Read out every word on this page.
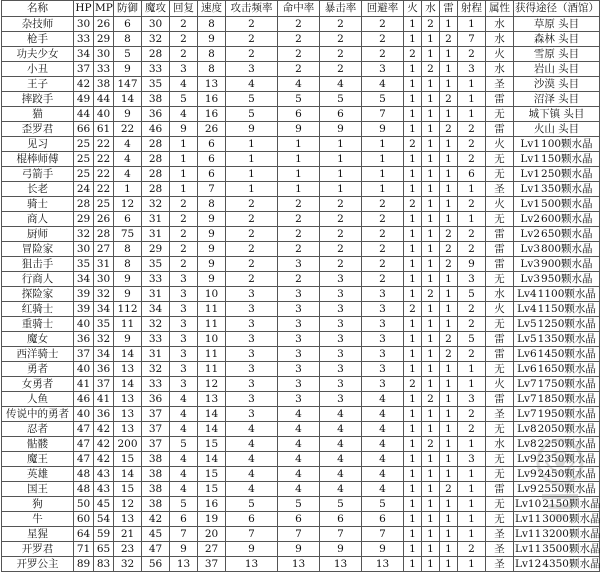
名称	HP	MP	防御	魔攻	回复	速度	攻击频率	命中率	暴击率	回避率	火	水	雷	射程	属性	获得途径（酒馆）
杂技师	30	26	6	30	2	8	2	2	2	2	1	2	1	1	水	草原 头目
枪手	33	29	8	32	2	9	2	2	2	2	1	1	2	7	水	森林 头目
功夫少女	34	30	5	28	2	8	2	2	2	2	2	1	1	2	火	雪原 头目
小丑	37	33	9	33	3	8	3	2	2	3	1	2	1	3	水	岩山 头目
王子	42	38	147	35	4	13	4	4	4	4	1	1	1	1	圣	沙漠 头目
摔跤手	49	44	14	38	5	16	5	5	5	5	1	1	2	1	雷	沼泽 头目
猫	44	40	9	36	4	16	5	6	6	7	1	1	1	1	无	城下镇 头目
歪罗君	66	61	22	46	9	26	9	9	9	9	1	1	2	2	雷	火山 头目
见习	25	22	4	28	1	6	1	1	1	1	2	1	1	2	火	Lv1100颗水晶
棍棒师傅	25	22	4	28	1	6	1	1	1	1	1	1	1	2	无	Lv1150颗水晶
弓箭手	25	22	4	28	1	6	1	1	1	1	1	1	1	6	无	Lv1250颗水晶
长老	24	22	1	28	1	7	1	1	1	1	1	1	1	1	圣	Lv1350颗水晶
骑士	28	25	12	32	2	8	2	2	2	2	2	1	1	2	火	Lv1500颗水晶
商人	29	26	6	31	2	9	2	2	2	2	1	1	1	1	无	Lv2600颗水晶
厨师	32	28	75	31	2	9	2	2	2	2	1	1	2	2	雷	Lv2650颗水晶
冒险家	30	27	8	29	2	9	2	2	2	2	1	1	2	2	雷	Lv3800颗水晶
狙击手	35	31	8	35	2	9	2	3	2	2	1	1	2	9	雷	Lv3900颗水晶
行商人	34	30	9	33	3	9	2	2	3	2	1	1	1	3	无	Lv3950颗水晶
探险家	39	32	9	31	3	10	3	3	3	3	1	2	1	5	水	Lv41100颗水晶
红骑士	39	34	112	34	3	11	3	3	3	3	2	1	1	2	火	Lv41150颗水晶
重骑士	40	35	11	32	3	11	3	3	3	3	1	1	1	2	无	Lv51250颗水晶
魔女	36	32	9	33	3	10	3	3	3	3	1	1	2	5	雷	Lv51350颗水晶
西洋骑士	37	34	14	31	3	11	3	3	3	3	1	1	2	2	雷	Lv61450颗水晶
勇者	40	36	13	32	3	11	3	3	3	3	1	1	1	1	无	Lv61650颗水晶
女勇者	41	37	14	33	3	12	3	3	3	3	2	1	1	1	火	Lv71750颗水晶
人鱼	46	41	13	36	4	13	3	3	3	4	1	2	1	3	雷	Lv71850颗水晶
传说中的勇者	40	36	13	37	4	14	3	4	4	4	1	1	1	2	圣	Lv71950颗水晶
忍者	47	42	13	37	4	14	4	4	4	4	1	1	1	2	无	Lv82050颗水晶
骷髅	47	42	200	37	5	15	4	4	4	4	1	2	1	1	水	Lv82250颗水晶
魔王	47	42	15	38	4	14	4	4	4	4	1	1	1	3	无	Lv92350颗水晶
英雄	48	43	14	38	4	15	4	4	4	4	1	1	1	1	无	Lv92450颗水晶
国王	48	43	15	38	4	15	4	4	4	4	1	1	2	1	雷	Lv92550颗水晶
狗	50	45	12	38	5	16	5	5	5	5	1	1	1	1	无	Lv102150颗水晶
牛	60	54	13	42	6	19	6	6	6	6	1	1	1	1	无	Lv113000颗水晶
星猩	64	59	21	45	7	20	7	7	7	7	1	1	1	1	圣	Lv113200颗水晶
开罗君	71	65	23	47	9	27	9	9	9	9	1	1	1	2	圣	Lv113500颗水晶
开罗公主	89	83	32	56	13	37	13	13	13	13	1	1	1	1	圣	Lv124350颗水晶
